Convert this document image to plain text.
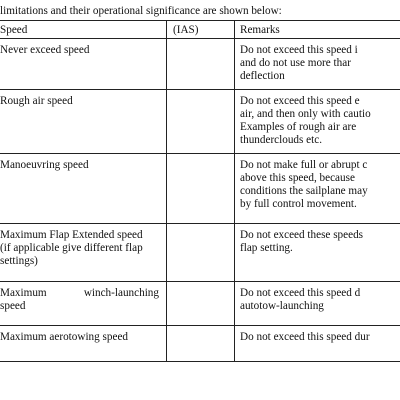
limitations and their operational significance are shown below:
Speed	(IAS)	Remarks

Never exceed speed		Do not exceed this speed i
and do not use more thar
deflection

Rough air speed		Do not exceed this speed e
air, and then only with cautio
Examples of rough air are
thunderclouds etc.

Manoeuvring speed		Do not make full or abrupt c
above this speed, because
conditions the sailplane may
by full control movement.

Maximum Flap Extended speed
(if applicable give different flap
settings)		Do not exceed these speeds
flap setting.

Maximum winch-launching
speed		Do not exceed this speed d
autotow-launching

Maximum aerotowing speed		Do not exceed this speed dur
